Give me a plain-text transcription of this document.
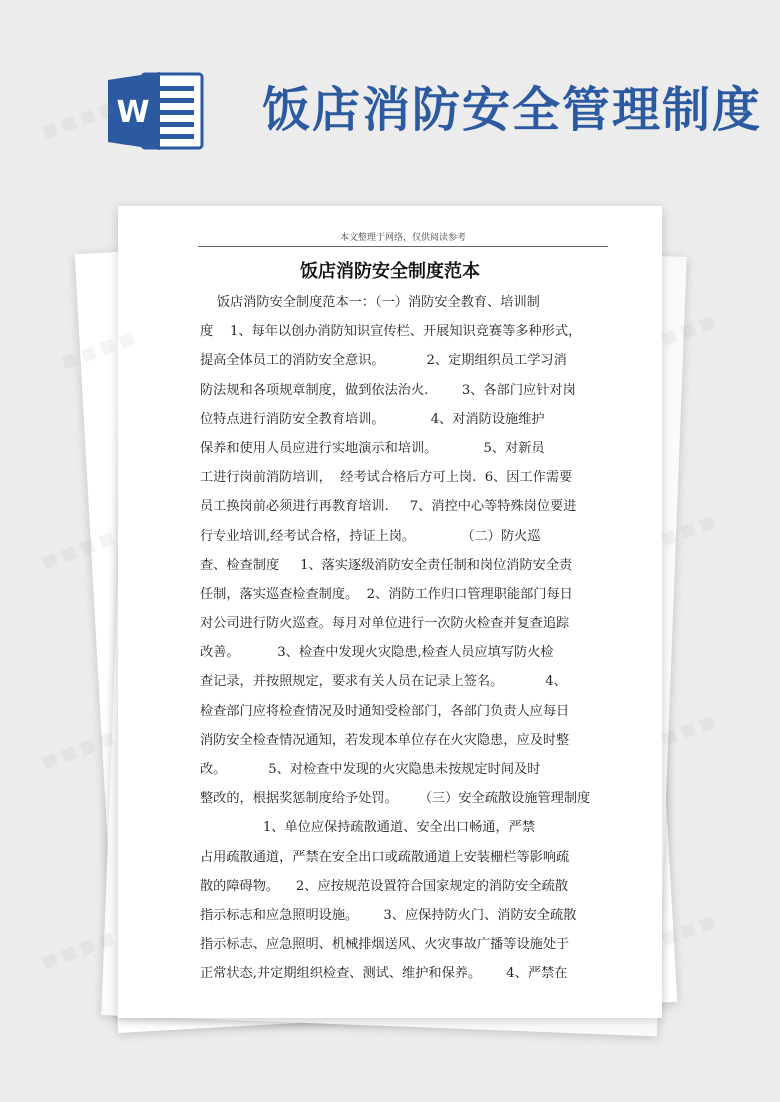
W 饭店消防安全管理制度
本文整理于网络，仅供阅读参考
饭店消防安全制度范本
饭店消防安全制度范本一：（一）消防安全教育、培训制
度    1、每年以创办消防知识宣传栏、开展知识竞赛等多种形式，
提高全体员工的消防安全意识。          2、定期组织员工学习消
防法规和各项规章制度，做到依法治火.        3、各部门应针对岗
位特点进行消防安全教育培训。           4、对消防设施维护
保养和使用人员应进行实地演示和培训。           5、对新员
工进行岗前消防培训，  经考试合格后方可上岗.  6、因工作需要
员工换岗前必须进行再教育培训.     7、消控中心等特殊岗位要进
行专业培训,经考试合格，持证上岗。           （二）防火巡
查、检查制度     1、落实逐级消防安全责任制和岗位消防安全责
任制，落实巡查检查制度。  2、消防工作归口管理职能部门每日
对公司进行防火巡查。每月对单位进行一次防火检查并复查追踪
改善。         3、检查中发现火灾隐患,检查人员应填写防火检
查记录，并按照规定，要求有关人员在记录上签名。          4、
检查部门应将检查情况及时通知受检部门，各部门负责人应每日
消防安全检查情况通知，若发现本单位存在火灾隐患，应及时整
改。          5、对检查中发现的火灾隐患未按规定时间及时
整改的，根据奖惩制度给予处罚。     （三）安全疏散设施管理制度
1、单位应保持疏散通道、安全出口畅通，严禁
占用疏散通道，严禁在安全出口或疏散通道上安装栅栏等影响疏
散的障碍物。    2、应按规范设置符合国家规定的消防安全疏散
指示标志和应急照明设施。      3、应保持防火门、消防安全疏散
指示标志、应急照明、机械排烟送风、火灾事故广播等设施处于
正常状态,并定期组织检查、测试、维护和保养。      4、严禁在
▦ ▦ ▦ ▦
▦
▦ ▦ ▦
▦ ▦ ▦ ▦	▦ ▦ ▦
▦ ▦ ▦ ▦	▦ ▦ ▦
▦ ▦ ▦ ▦	▦ ▦ ▦
